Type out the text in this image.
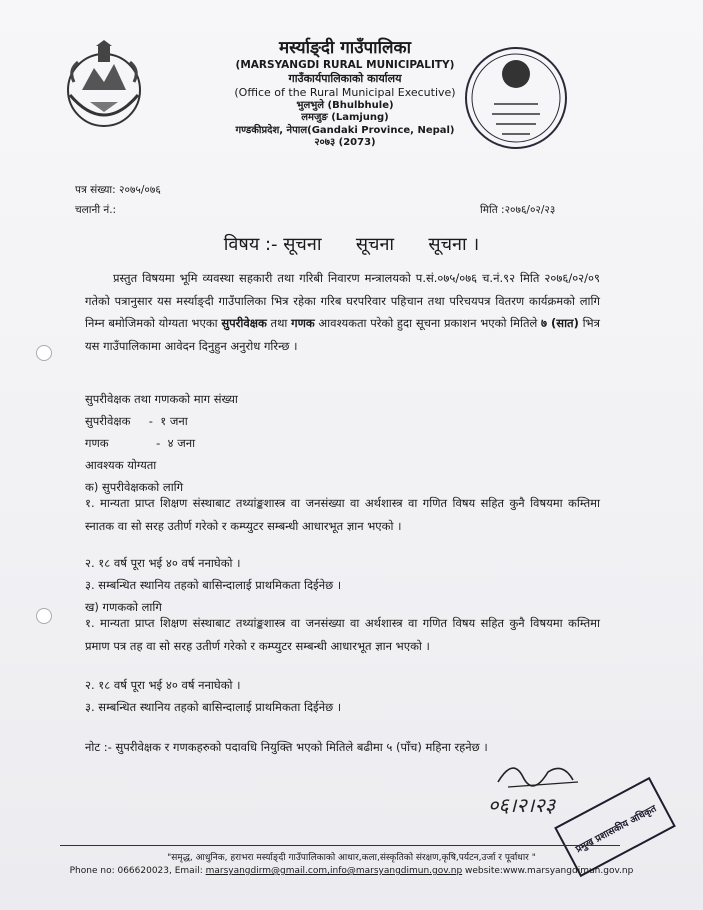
मर्स्याङ्दी गाउँपालिका
(MARSYANGDI RURAL MUNICIPALITY)
गाउँकार्यपालिकाको कार्यालय
(Office of the Rural Municipal Executive)
भुलभुले (Bhulbhule)
लमजुङ (Lamjung)
गण्डकीप्रदेश, नेपाल(Gandaki Province, Nepal)
२०७३ (2073)
पत्र संख्या: २०७५/०७६
चलानी नं.:	मिति :२०७६/०२/२३
विषय :- सूचना      सूचना      सूचना ।
प्रस्तुत विषयमा भूमि व्यवस्था सहकारी तथा गरिबी निवारण मन्त्रालयको प.सं.०७५/०७६ च.नं.९२ मिति २०७६/०२/०९ गतेको पत्रानुसार यस मर्स्याङ्दी गाउँपालिका भित्र रहेका गरिब घरपरिवार पहिचान तथा परिचयपत्र वितरण कार्यक्रमको लागि निम्न बमोजिमको योग्यता भएका सुपरीवेक्षक तथा गणक आवश्यकता परेको हुदा सूचना प्रकाशन भएको मितिले ७ (सात) भित्र यस गाउँपालिकामा आवेदन दिनुहुन अनुरोध गरिन्छ ।
सुपरीवेक्षक तथा गणकको माग संख्या
सुपरीवेक्षक     -  १ जना
गणक             -  ४ जना
आवश्यक योग्यता
क) सुपरीवेक्षकको लागि
१. मान्यता प्राप्त शिक्षण संस्थाबाट तथ्यांङ्कशास्त्र वा जनसंख्या वा अर्थशास्त्र वा गणित विषय सहित कुनै विषयमा कम्तिमा स्नातक वा सो सरह उतीर्ण गरेको र कम्प्युटर सम्बन्धी आधारभूत ज्ञान भएको ।
२. १८ वर्ष पूरा भई ४० वर्ष ननाघेको ।
३. सम्बन्धित स्थानिय तहको बासिन्दालाई प्राथमिकता दिईनेछ ।
ख) गणकको लागि
१. मान्यता प्राप्त शिक्षण संस्थाबाट तथ्यांङ्कशास्त्र वा जनसंख्या वा अर्थशास्त्र वा गणित विषय सहित कुनै विषयमा कम्तिमा प्रमाण पत्र तह वा सो सरह उतीर्ण गरेको र कम्प्युटर सम्बन्धी आधारभूत ज्ञान भएको ।
२. १८ वर्ष पूरा भई ४० वर्ष ननाघेको ।
३. सम्बन्धित स्थानिय तहको बासिन्दालाई प्राथमिकता दिईनेछ ।
नोट :- सुपरीवेक्षक र गणकहरुको पदावधि नियुक्ति भएको मितिले बढीमा ५ (पाँच) महिना रहनेछ ।
०६।२।२३ प्रमुख प्रशासकीय अधिकृत
"समृद्ध, आधुनिक, हराभरा मर्स्याङ्दी गाउँपालिकाको आधार,कला,संस्कृतिको संरक्षण,कृषि,पर्यटन,उर्जा र पूर्वाधार "
Phone no: 066620023, Email: marsyangdirm@gmail.com,info@marsyangdimun.gov.np website:www.marsyangdimun.gov.np
